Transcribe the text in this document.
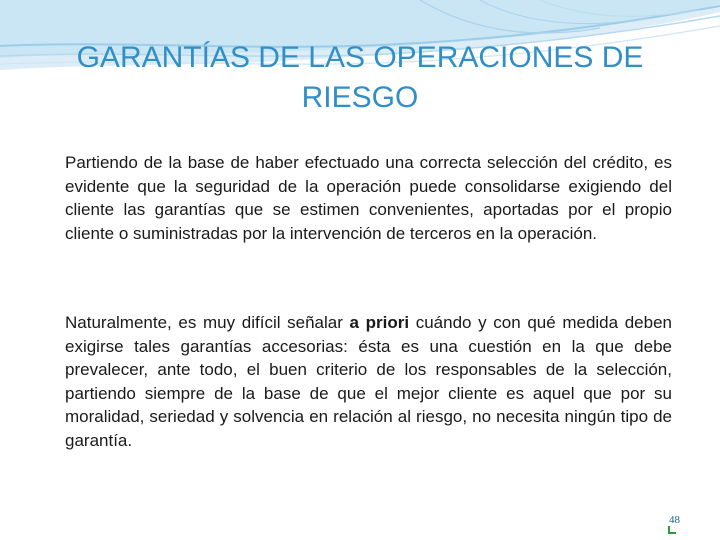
GARANTÍAS DE LAS OPERACIONES DE
RIESGO

Partiendo de la base de haber efectuado una correcta selección del crédito, es evidente que la seguridad de la operación puede consolidarse exigiendo del cliente las garantías que se estimen convenientes, aportadas por el propio cliente o suministradas por la intervención de terceros en la operación.

Naturalmente, es muy difícil señalar a priori cuándo y con qué medida deben exigirse tales garantías accesorias: ésta es una cuestión en la que debe prevalecer, ante todo, el buen criterio de los responsables de la selección, partiendo siempre de la base de que el mejor cliente es aquel que por su moralidad, seriedad y solvencia en relación al riesgo, no necesita ningún tipo de garantía.

48
